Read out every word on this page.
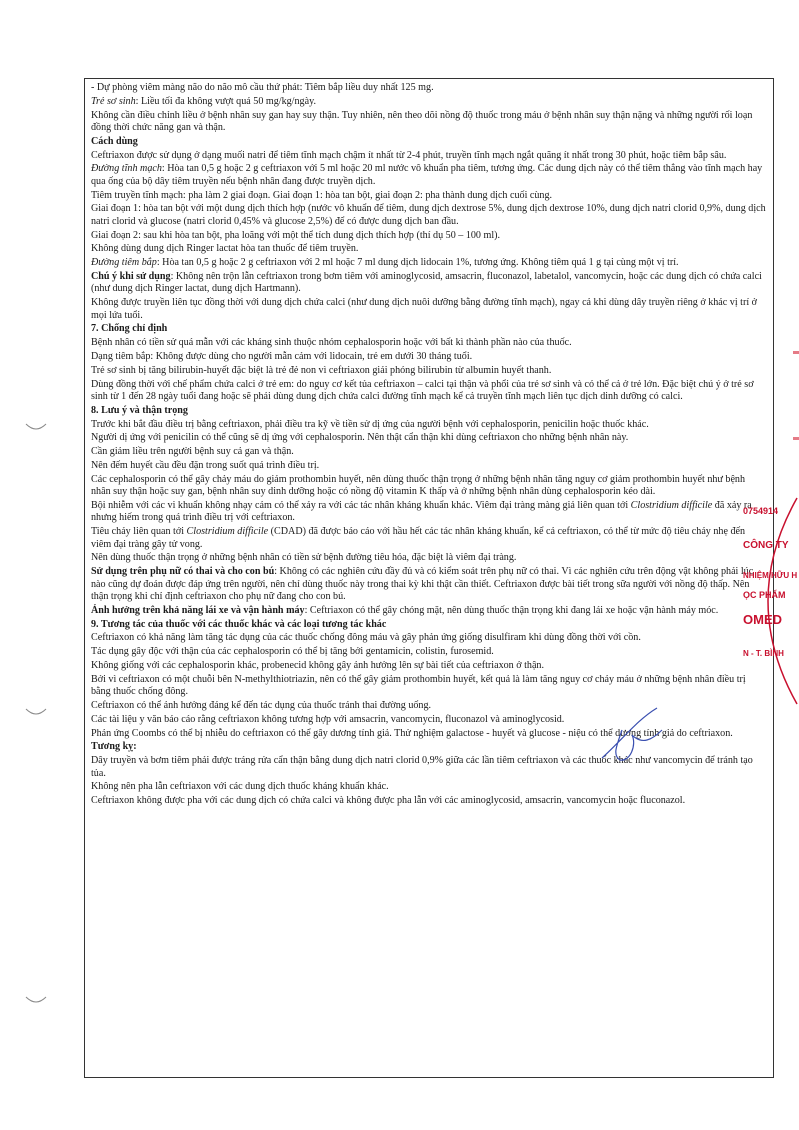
- Dự phòng viêm màng não do não mô cầu thứ phát: Tiêm bắp liều duy nhất 125 mg.

Trẻ sơ sinh: Liều tối đa không vượt quá 50 mg/kg/ngày.

Không cần điều chỉnh liều ở bệnh nhân suy gan hay suy thận. Tuy nhiên, nên theo dõi nồng độ thuốc trong máu ở bệnh nhân suy thận nặng và những người rối loạn đồng thời chức năng gan và thận.

Cách dùng

Ceftriaxon được sử dụng ở dạng muối natri để tiêm tĩnh mạch chậm ít nhất từ 2-4 phút, truyền tĩnh mạch ngắt quãng ít nhất trong 30 phút, hoặc tiêm bắp sâu.

Đường tĩnh mạch: Hòa tan 0,5 g hoặc 2 g ceftriaxon với 5 ml hoặc 20 ml nước vô khuẩn pha tiêm, tương ứng. Các dung dịch này có thể tiêm thẳng vào tĩnh mạch hay qua ống của bộ dây tiêm truyền nếu bệnh nhân đang được truyền dịch.

Tiêm truyền tĩnh mạch: pha làm 2 giai đoạn. Giai đoạn 1: hòa tan bột, giai đoạn 2: pha thành dung dịch cuối cùng.

Giai đoạn 1: hòa tan bột với một dung dịch thích hợp (nước vô khuẩn để tiêm, dung dịch dextrose 5%, dung dịch dextrose 10%, dung dịch natri clorid 0,9%, dung dịch natri clorid và glucose (natri clorid 0,45% và glucose 2,5%) để có được dung dịch ban đầu.

Giai đoạn 2: sau khi hòa tan bột, pha loãng với một thể tích dung dịch thích hợp (thí dụ 50 – 100 ml).

Không dùng dung dịch Ringer lactat hòa tan thuốc để tiêm truyền.

Đường tiêm bắp: Hòa tan 0,5 g hoặc 2 g ceftriaxon với 2 ml hoặc 7 ml dung dịch lidocain 1%, tương ứng. Không tiêm quá 1 g tại cùng một vị trí.

Chú ý khi sử dụng: Không nên trộn lẫn ceftriaxon trong bơm tiêm với aminoglycosid, amsacrin, fluconazol, labetalol, vancomycin, hoặc các dung dịch có chứa calci (như dung dịch Ringer lactat, dung dịch Hartmann).

Không được truyền liên tục đồng thời với dung dịch chứa calci (như dung dịch nuôi dưỡng bằng đường tĩnh mạch), ngay cả khi dùng dây truyền riêng ở khác vị trí ở mọi lứa tuổi.

7. Chống chỉ định

Bệnh nhân có tiền sử quá mẫn với các kháng sinh thuộc nhóm cephalosporin hoặc với bất kì thành phần nào của thuốc.

Dạng tiêm bắp: Không được dùng cho người mẫn cảm với lidocain, trẻ em dưới 30 tháng tuổi.

Trẻ sơ sinh bị tăng bilirubin-huyết đặc biệt là trẻ đẻ non vì ceftriaxon giải phóng bilirubin từ albumin huyết thanh.

Dùng đồng thời với chế phẩm chứa calci ở trẻ em: do nguy cơ kết tủa ceftriaxon – calci tại thận và phổi của trẻ sơ sinh và có thể cả ở trẻ lớn. Đặc biệt chú ý ở trẻ sơ sinh từ 1 đến 28 ngày tuổi đang hoặc sẽ phải dùng dung dịch chứa calci đường tĩnh mạch kể cả truyền tĩnh mạch liên tục dịch dinh dưỡng có calci.

8. Lưu ý và thận trọng

Trước khi bắt đầu điều trị bằng ceftriaxon, phải điều tra kỹ về tiền sử dị ứng của người bệnh với cephalosporin, penicilin hoặc thuốc khác.

Người dị ứng với penicilin có thể cũng sẽ dị ứng với cephalosporin. Nên thật cẩn thận khi dùng ceftriaxon cho những bệnh nhân này.

Cần giảm liều trên người bệnh suy cả gan và thận.

Nên đếm huyết cầu đều đặn trong suốt quá trình điều trị.

Các cephalosporin có thể gây chảy máu do giảm prothombin huyết, nên dùng thuốc thận trọng ở những bệnh nhân tăng nguy cơ giảm prothombin huyết như bệnh nhân suy thận hoặc suy gan, bệnh nhân suy dinh dưỡng hoặc có nồng độ vitamin K thấp và ở những bệnh nhân dùng cephalosporin kéo dài.

Bội nhiễm với các vi khuẩn không nhạy cảm có thể xảy ra với các tác nhân kháng khuẩn khác. Viêm đại tràng màng giả liên quan tới Clostridium difficile đã xảy ra nhưng hiếm trong quá trình điều trị với ceftriaxon.

Tiêu chảy liên quan tới Clostridium difficile (CDAD) đã được báo cáo với hầu hết các tác nhân kháng khuẩn, kể cả ceftriaxon, có thể từ mức độ tiêu chảy nhẹ đến viêm đại tràng gây tử vong.

Nên dùng thuốc thận trọng ở những bệnh nhân có tiền sử bệnh đường tiêu hóa, đặc biệt là viêm đại tràng.

Sử dụng trên phụ nữ có thai và cho con bú: Không có các nghiên cứu đầy đủ và có kiểm soát trên phụ nữ có thai. Vì các nghiên cứu trên động vật không phải lúc nào cũng dự đoán được đáp ứng trên người, nên chỉ dùng thuốc này trong thai kỳ khi thật cần thiết. Ceftriaxon được bài tiết trong sữa người với nồng độ thấp. Nên thận trọng khi chỉ định ceftriaxon cho phụ nữ đang cho con bú.

Ảnh hưởng trên khả năng lái xe và vận hành máy: Ceftriaxon có thể gây chóng mặt, nên dùng thuốc thận trọng khi đang lái xe hoặc vận hành máy móc.

9. Tương tác của thuốc với các thuốc khác và các loại tương tác khác

Ceftriaxon có khả năng làm tăng tác dụng của các thuốc chống đông máu và gây phản ứng giống disulfiram khi dùng đồng thời với cồn.

Tác dụng gây độc với thận của các cephalosporin có thể bị tăng bởi gentamicin, colistin, furosemid.

Không giống với các cephalosporin khác, probenecid không gây ảnh hưởng lên sự bài tiết của ceftriaxon ở thận.

Bởi vì ceftriaxon có một chuỗi bên N-methylthiotriazin, nên có thể gây giảm prothombin huyết, kết quả là làm tăng nguy cơ chảy máu ở những bệnh nhân điều trị bằng thuốc chống đông.

Ceftriaxon có thể ảnh hưởng đáng kể đến tác dụng của thuốc tránh thai đường uống.

Các tài liệu y văn báo cáo rằng ceftriaxon không tương hợp với amsacrin, vancomycin, fluconazol và aminoglycosid.

Phản ứng Coombs có thể bị nhiễu do ceftriaxon có thể gây dương tính giả. Thử nghiệm galactose - huyết và glucose - niệu có thể dương tính giả do ceftriaxon.

Tương kỵ:

Dây truyền và bơm tiêm phải được tráng rửa cẩn thận bằng dung dịch natri clorid 0,9% giữa các lần tiêm ceftriaxon và các thuốc khác như vancomycin để tránh tạo tủa.

Không nên pha lẫn ceftriaxon với các dung dịch thuốc kháng khuẩn khác.

Ceftriaxon không được pha với các dung dịch có chứa calci và không được pha lẫn với các aminoglycosid, amsacrin, vancomycin hoặc fluconazol.

0754914
CÔNG TY
NHIỆM HỮU H
ỌC PHẨM
OMED
N - T. BÌNH
